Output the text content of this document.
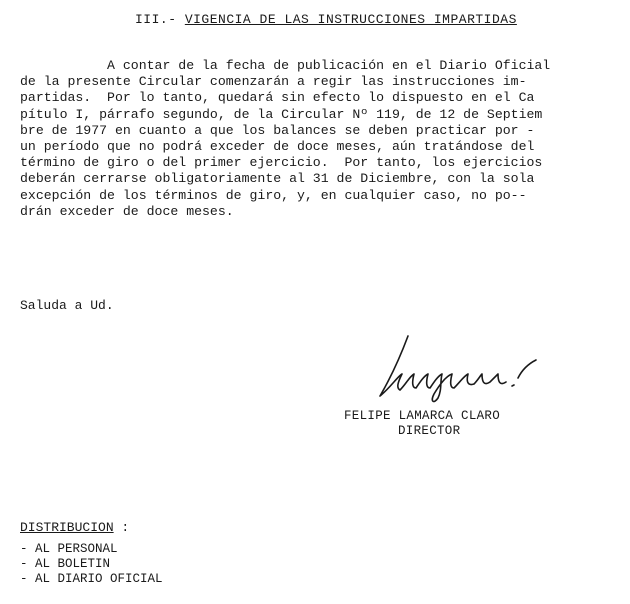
III.- VIGENCIA DE LAS INSTRUCCIONES IMPARTIDAS
A contar de la fecha de publicación en el Diario Oficial
de la presente Circular comenzarán a regir las instrucciones im-
partidas.  Por lo tanto, quedará sin efecto lo dispuesto en el Ca
pítulo I, párrafo segundo, de la Circular Nº 119, de 12 de Septiem
bre de 1977 en cuanto a que los balances se deben practicar por -
un período que no podrá exceder de doce meses, aún tratándose del
término de giro o del primer ejercicio.  Por tanto, los ejercicios
deberán cerrarse obligatoriamente al 31 de Diciembre, con la sola
excepción de los términos de giro, y, en cualquier caso, no po--
drán exceder de doce meses.
Saluda a Ud.
FELIPE LAMARCA CLARO
DIRECTOR
DISTRIBUCION :
- AL PERSONAL
- AL BOLETIN
- AL DIARIO OFICIAL
